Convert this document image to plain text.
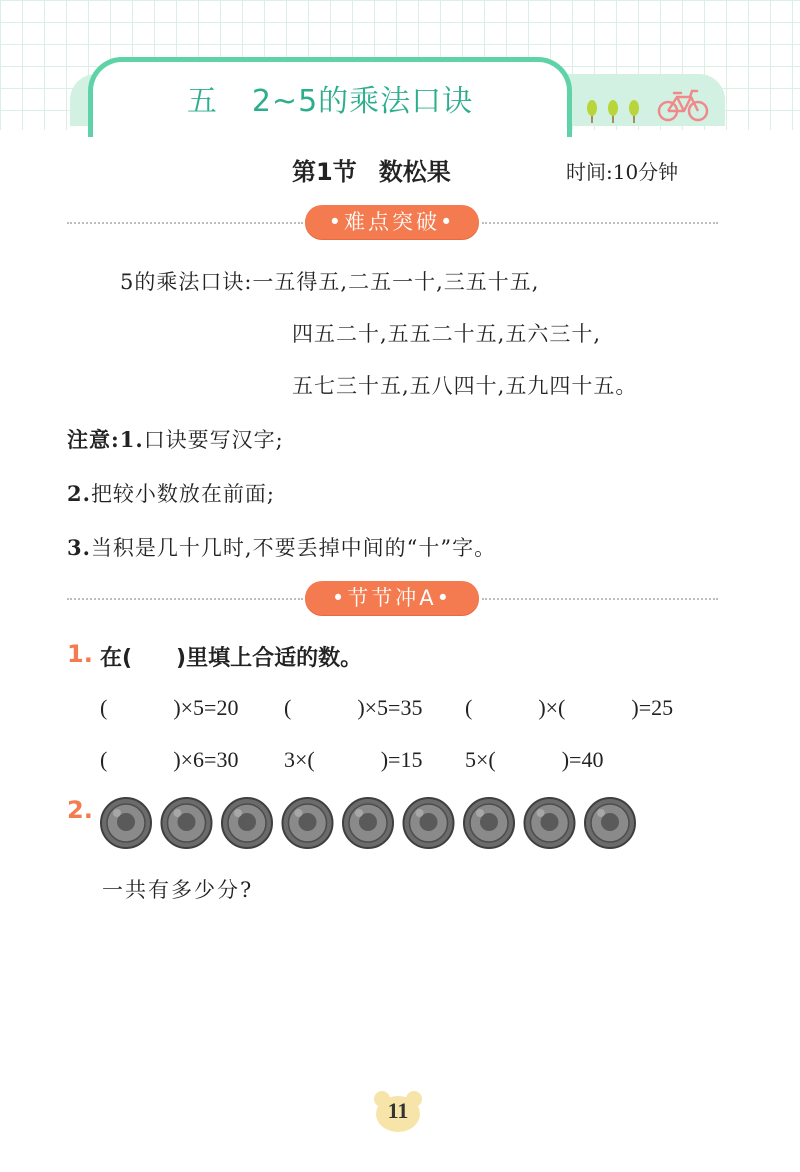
五 2~5的乘法口诀
第1节 数松果	时间:10分钟
•难点突破•
5的乘法口诀:一五得五,二五一十,三五十五,
四五二十,五五二十五,五六三十,
五七三十五,五八四十,五九四十五。
注意:1.口诀要写汉字;
2.把较小数放在前面;
3.当积是几十几时,不要丢掉中间的“十”字。
•节节冲A•
1. 在(　　)里填上合适的数。
(　　　)×5=20 (　　　)×5=35 (　　　)×(　　　)=25
(　　　)×6=30 3×(　　　)=15 5×(　　　)=40
2.
一共有多少分?
11
